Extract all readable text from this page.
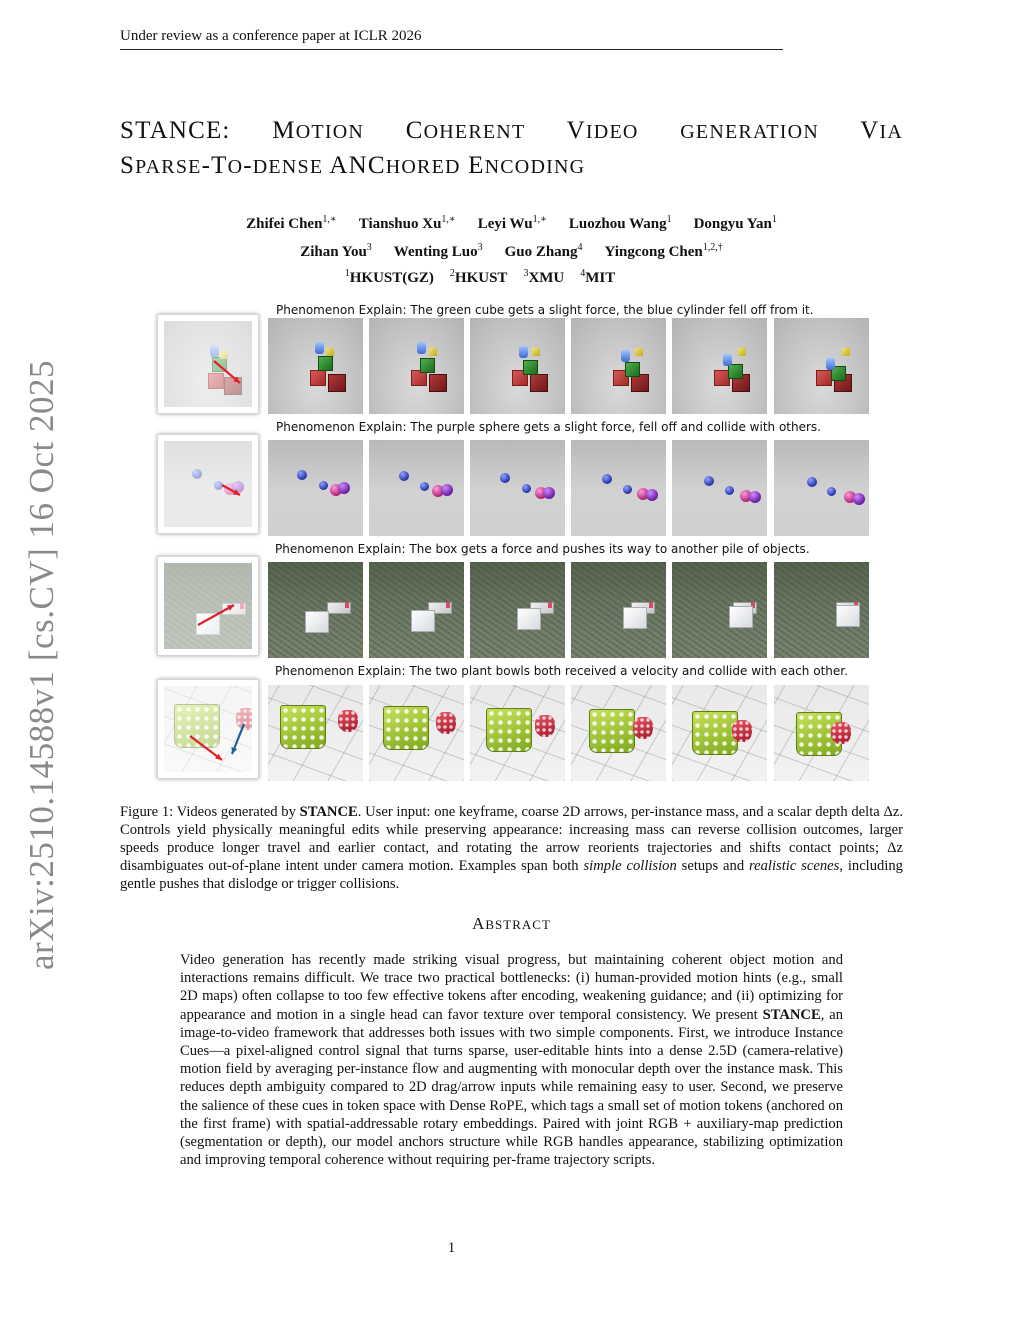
Under review as a conference paper at ICLR 2026
arXiv:2510.14588v1 [cs.CV] 16 Oct 2025
STANCE: MOTION COHERENT VIDEO GENERATION VIA
SPARSE-TO-DENSE ANCHORED ENCODING
Zhifei Chen$^{1,∗}$ Tianshuo $Xu^{1,∗}$ Leyi $Wu^{1,∗}$ Luozhou Wang$^1$ Dongyu Yan$^1$
Zihan You$^3$ Wenting Luo$^3$ Guo Zhang$^4$ Yingcong Chen$^{1,2,\dagger}$
$^1$HKUST(GZ) $^2$HKUST $^3$XMU $^4$MIT
Phenomenon Explain: The green cube gets a slight force, the blue cylinder fell off from it.
Phenomenon Explain: The purple sphere gets a slight force, fell off and collide with others.
Phenomenon Explain: The box gets a force and pushes its way to another pile of objects.
Phenomenon Explain: The two plant bowls both received a velocity and collide with each other.
Figure 1: Videos generated by STANCE. User input: one keyframe, coarse 2D arrows, per-instance mass, and a scalar depth delta Δz. Controls yield physically meaningful edits while preserving appearance: increasing mass can reverse collision outcomes, larger speeds produce longer travel and earlier contact, and rotating the arrow reorients trajectories and shifts contact points; Δz disambiguates out-of-plane intent under camera motion. Examples span both simple collision setups and realistic scenes, including gentle pushes that dislodge or trigger collisions.
ABSTRACT
Video generation has recently made striking visual progress, but maintaining coherent object motion and interactions remains difficult. We trace two practical bottlenecks: (i) human-provided motion hints (e.g., small 2D maps) often collapse to too few effective tokens after encoding, weakening guidance; and (ii) optimizing for appearance and motion in a single head can favor texture over temporal consistency. We present STANCE, an image-to-video framework that addresses both issues with two simple components. First, we introduce Instance Cues—a pixel-aligned control signal that turns sparse, user-editable hints into a dense 2.5D (camera-relative) motion field by averaging per-instance flow and augmenting with monocular depth over the instance mask. This reduces depth ambiguity compared to 2D drag/arrow inputs while remaining easy to user. Second, we preserve the salience of these cues in token space with Dense RoPE, which tags a small set of motion tokens (anchored on the first frame) with spatial-addressable rotary embeddings. Paired with joint RGB + auxiliary-map prediction (segmentation or depth), our model anchors structure while RGB handles appearance, stabilizing optimization and improving temporal coherence without requiring per-frame trajectory scripts.
1
